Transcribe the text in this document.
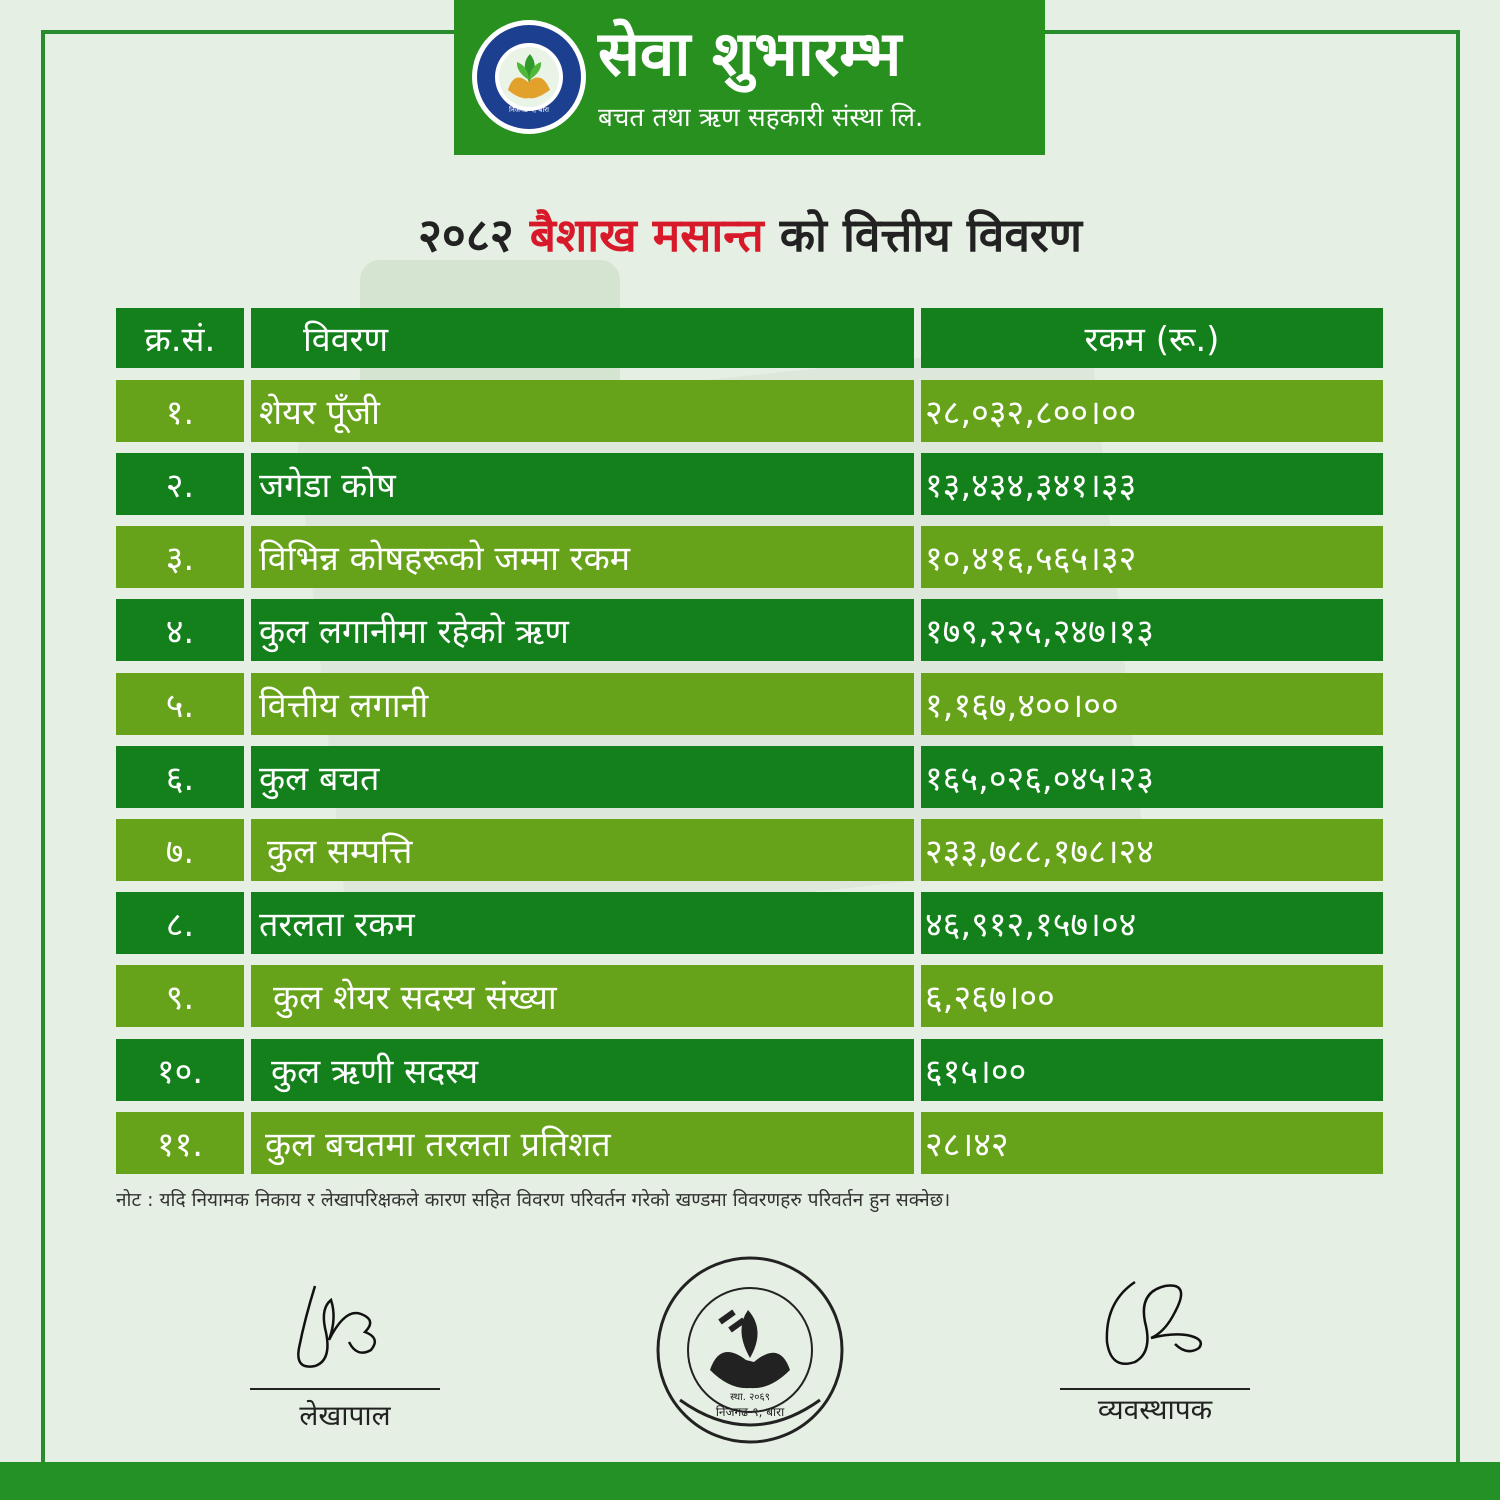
निजगढ-९, बारा
सेवा शुभारम्भ
बचत तथा ऋण सहकारी संस्था लि.
२०८२ बैशाख मसान्त को वित्तीय विवरण
क्र.सं.	विवरण	रकम (रू.)
१.	शेयर पूँजी	२८,०३२,८००।००
२.	जगेडा कोष	१३,४३४,३४१।३३
३.	विभिन्न कोषहरूको जम्मा रकम	१०,४१६,५६५।३२
४.	कुल लगानीमा रहेको ऋण	१७९,२२५,२४७।१३
५.	वित्तीय लगानी	१,१६७,४००।००
६.	कुल बचत	१६५,०२६,०४५।२३
७.	कुल सम्पत्ति	२३३,७८८,१७८।२४
८.	तरलता रकम	४६,९१२,१५७।०४
९.	कुल शेयर सदस्य संख्या	६,२६७।००
१०.	कुल ऋणी सदस्य	६१५।००
११.	कुल बचतमा तरलता प्रतिशत	२८।४२
नोट : यदि नियामक निकाय र लेखापरिक्षकले कारण सहित विवरण परिवर्तन गरेको खण्डमा विवरणहरु परिवर्तन हुन सक्नेछ।
लेखापाल	निजगढ-९, बारा
स्था. २०६९	व्यवस्थापक
